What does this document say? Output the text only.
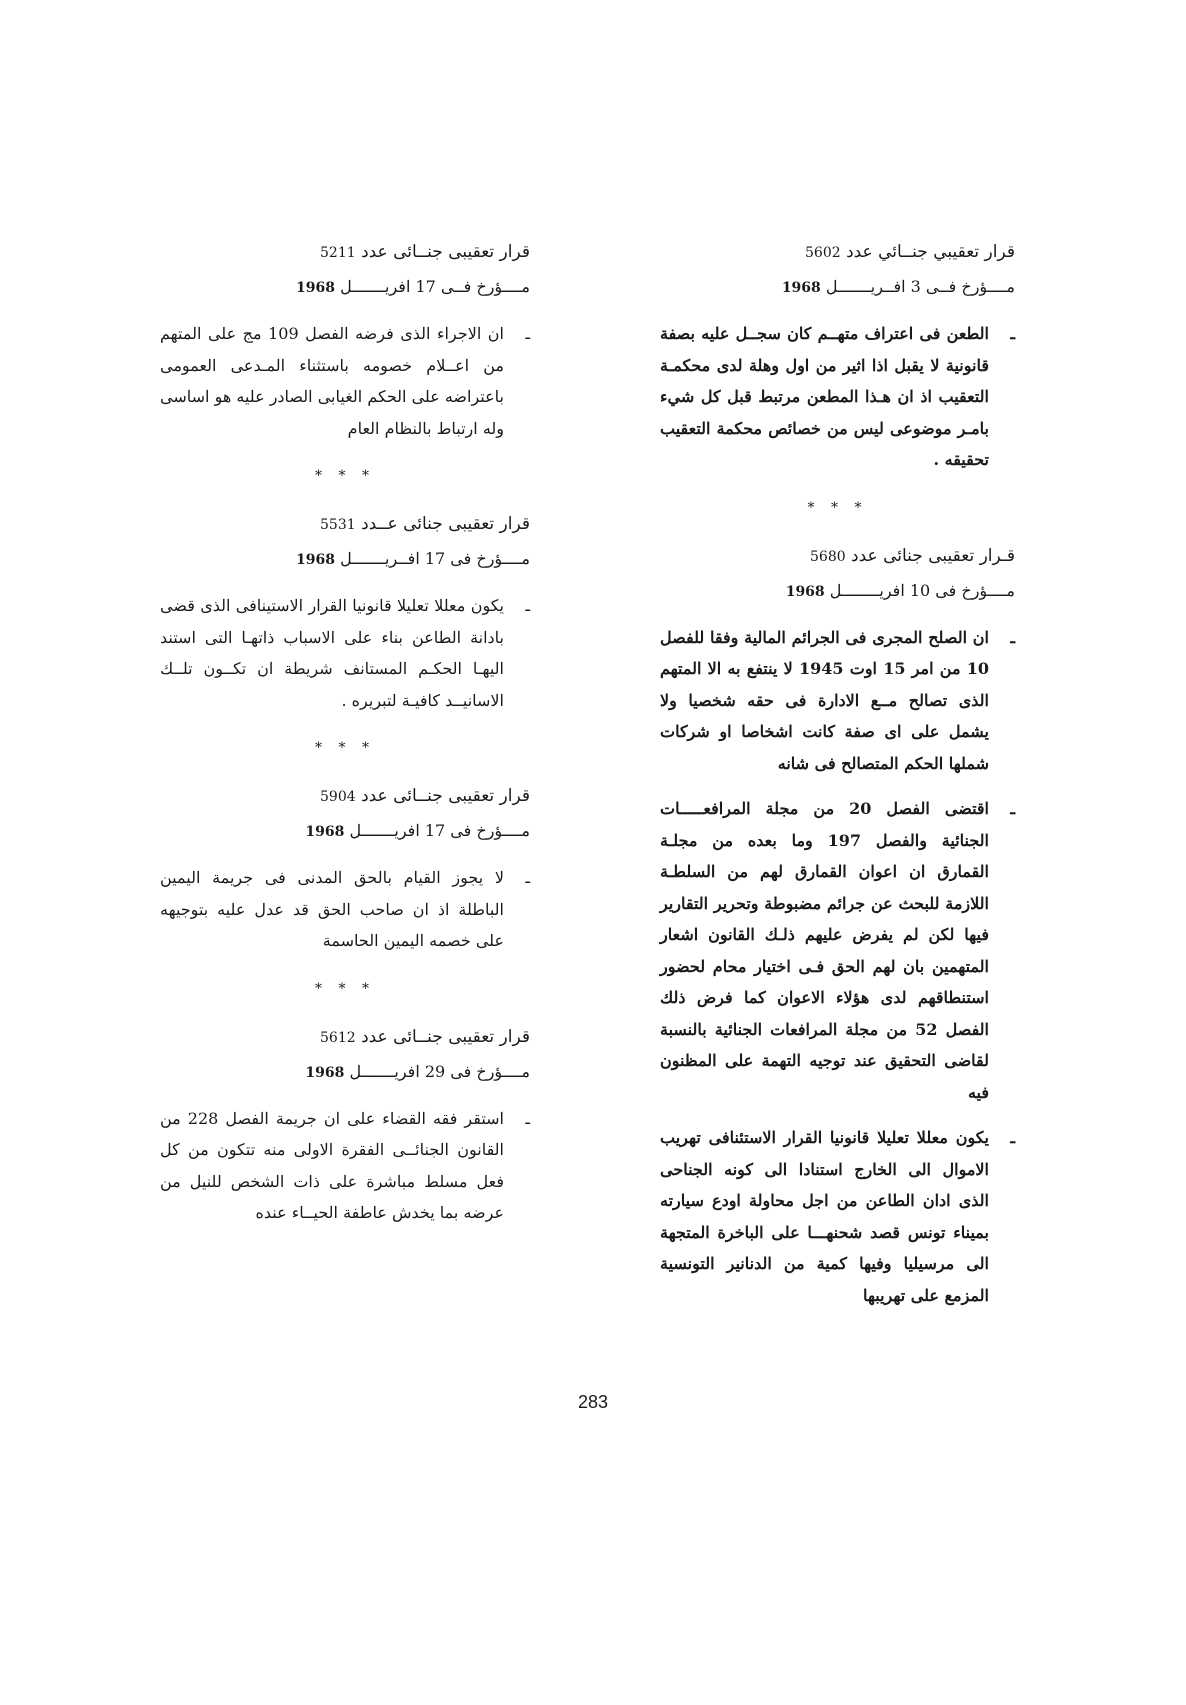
قرار تعقيبي جنــائي عدد 5602
مــــؤرخ فــى 3 افــريـــــــل 1968

ـ
الطعن فى اعتراف متهــم كان سجــل عليه بصفة قانونية لا يقبل اذا اثير من اول وهلة لدى محكمـة التعقيب اذ ان هـذا المطعن مرتبط قبل كل شيء بامـر موضوعى ليس من خصائص محكمة التعقيب تحقيقه .

* * *
قـرار تعقيبى جنائى عدد 5680
مــــؤرخ فى 10 افريــــــــل 1968

ـ
ان الصلح المجرى فى الجرائم المالية وفقا للفصل 10 من امر 15 اوت 1945 لا ينتفع به الا المتهم الذى تصالح مــع الادارة فى حقه شخصيا ولا يشمل على اى صفة كانت اشخاصا او شركات شملها الحكم المتصالح فى شانه

ـ
اقتضى الفصل 20 من مجلة المرافعـــــات الجنائية والفصل 197 وما بعده من مجلـة القمارق ان اعوان القمارق لهم من السلطـة اللازمة للبحث عن جرائم مضبوطة وتحرير التقارير فيها لكن لم يفرض عليهم ذلـك القانون اشعار المتهمين بان لهم الحق فـى اختيار محام لحضور استنطاقهم لدى هؤلاء الاعوان كما فرض ذلك الفصل 52 من مجلة المرافعات الجنائية بالنسبة لقاضى التحقيق عند توجيه التهمة على المظنون فيه

ـ
يكون معللا تعليلا قانونيا القرار الاستئنافى تهريب الاموال الى الخارج استنادا الى كونه الجناحى الذى ادان الطاعن من اجل محاولة اودع سيارته بميناء تونس قصد شحنهـــا على الباخرة المتجهة الى مرسيليا وفيها كمية من الدنانير التونسية المزمع على تهريبها

قرار تعقيبى جنــائى عدد 5211
مــــؤرخ فــى 17 افريـــــــل 1968

ـ
ان الاجراء الذى فرضه الفصل 109 مج على المتهم من اعــلام خصومه باستثناء المـدعى العمومى باعتراضه على الحكم الغيابى الصادر عليه هو اساسى وله ارتباط بالنظام العام

* * *
قرار تعقيبى جنائى عــدد 5531
مــــؤرخ فى 17 افــريـــــــل 1968

ـ
يكون معللا تعليلا قانونيا القرار الاستينافى الذى قضى بادانة الطاعن بناء على الاسباب ذاتهـا التى استند اليهـا الحكـم المستانف شريطة ان تكــون تلــك الاسانيــد كافيـة لتبريره .

* * *
قرار تعقيبى جنــائى عدد 5904
مــــؤرخ فى 17 افريـــــــل 1968

ـ
لا يجوز القيام بالحق المدنى فى جريمة اليمين الباطلة اذ ان صاحب الحق قد عدل عليه بتوجيهه على خصمه اليمين الحاسمة

* * *
قرار تعقيبى جنــائى عدد 5612
مــــؤرخ فى 29 افريـــــــل 1968

ـ
استقر فقه القضاء على ان جريمة الفصل 228 من القانون الجنائــى الفقرة الاولى منه تتكون من كل فعل مسلط مباشرة على ذات الشخص للنيل من عرضه بما يخدش عاطفة الحيــاء عنده

283
